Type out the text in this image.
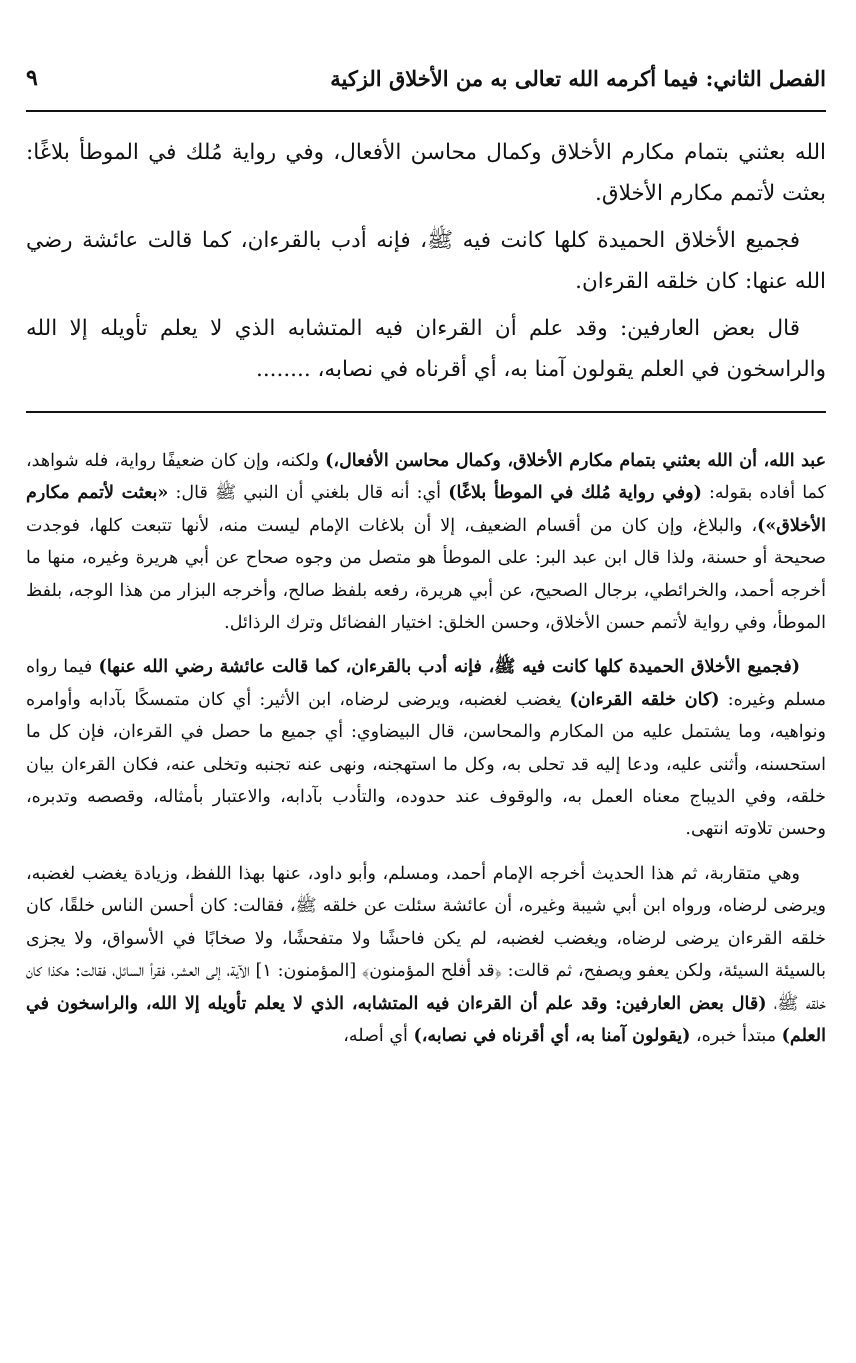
الفصل الثاني: فيما أكرمه الله تعالى به من الأخلاق الزكية
٩

الله بعثني بتمام مكارم الأخلاق وكمال محاسن الأفعال، وفي رواية مُلك في الموطأ بلاغًا: بعثت لأتمم مكارم الأخلاق.

فجميع الأخلاق الحميدة كلها كانت فيه ﷺ، فإنه أدب بالقرءان، كما قالت عائشة رضي الله عنها: كان خلقه القرءان.

قال بعض العارفين: وقد علم أن القرءان فيه المتشابه الذي لا يعلم تأويله إلا الله والراسخون في العلم يقولون آمنا به، أي أقرناه في نصابه، ........

عبد الله، أن الله بعثني بتمام مكارم الأخلاق، وكمال محاسن الأفعال،) ولكنه، وإن كان ضعيفًا رواية، فله شواهد، كما أفاده بقوله: (وفي رواية مُلك في الموطأ بلاغًا) أي: أنه قال بلغني أن النبي ﷺ قال: «بعثت لأتمم مكارم الأخلاق»)، والبلاغ، وإن كان من أقسام الضعيف، إلا أن بلاغات الإمام ليست منه، لأنها تتبعت كلها، فوجدت صحيحة أو حسنة، ولذا قال ابن عبد البر: على الموطأ هو متصل من وجوه صحاح عن أبي هريرة وغيره، منها ما أخرجه أحمد، والخرائطي، برجال الصحيح، عن أبي هريرة، رفعه بلفظ صالح، وأخرجه البزار من هذا الوجه، بلفظ الموطأ، وفي رواية لأتمم حسن الأخلاق، وحسن الخلق: اختيار الفضائل وترك الرذائل.

(فجميع الأخلاق الحميدة كلها كانت فيه ﷺ، فإنه أدب بالقرءان، كما قالت عائشة رضي الله عنها) فيما رواه مسلم وغيره: (كان خلقه القرءان) يغضب لغضبه، ويرضى لرضاه، ابن الأثير: أي كان متمسكًا بآدابه وأوامره ونواهيه، وما يشتمل عليه من المكارم والمحاسن، قال البيضاوي: أي جميع ما حصل في القرءان، فإن كل ما استحسنه، وأثنى عليه، ودعا إليه قد تحلى به، وكل ما استهجنه، ونهى عنه تجنبه وتخلى عنه، فكان القرءان بيان خلقه، وفي الديباج معناه العمل به، والوقوف عند حدوده، والتأدب بآدابه، والاعتبار بأمثاله، وقصصه وتدبره، وحسن تلاوته انتهى.

وهي متقاربة، ثم هذا الحديث أخرجه الإمام أحمد، ومسلم، وأبو داود، عنها بهذا اللفظ، وزيادة يغضب لغضبه، ويرضى لرضاه، ورواه ابن أبي شيبة وغيره، أن عائشة سئلت عن خلقه ﷺ، فقالت: كان أحسن الناس خلقًا، كان خلقه القرءان يرضى لرضاه، ويغضب لغضبه، لم يكن فاحشًا ولا متفحشًا، ولا صخابًا في الأسواق، ولا يجزى بالسيئة السيئة، ولكن يعفو ويصفح، ثم قالت: ﴿قد أفلح المؤمنون﴾ [المؤمنون: ١] الآية، إلى العشر، فقرأ السائل، فقالت: هكذا كان خلقه ﷺ، (قال بعض العارفين: وقد علم أن القرءان فيه المتشابه، الذي لا يعلم تأويله إلا الله، والراسخون في العلم) مبتدأ خبره، (يقولون آمنا به، أي أقرناه في نصابه،) أي أصله،
